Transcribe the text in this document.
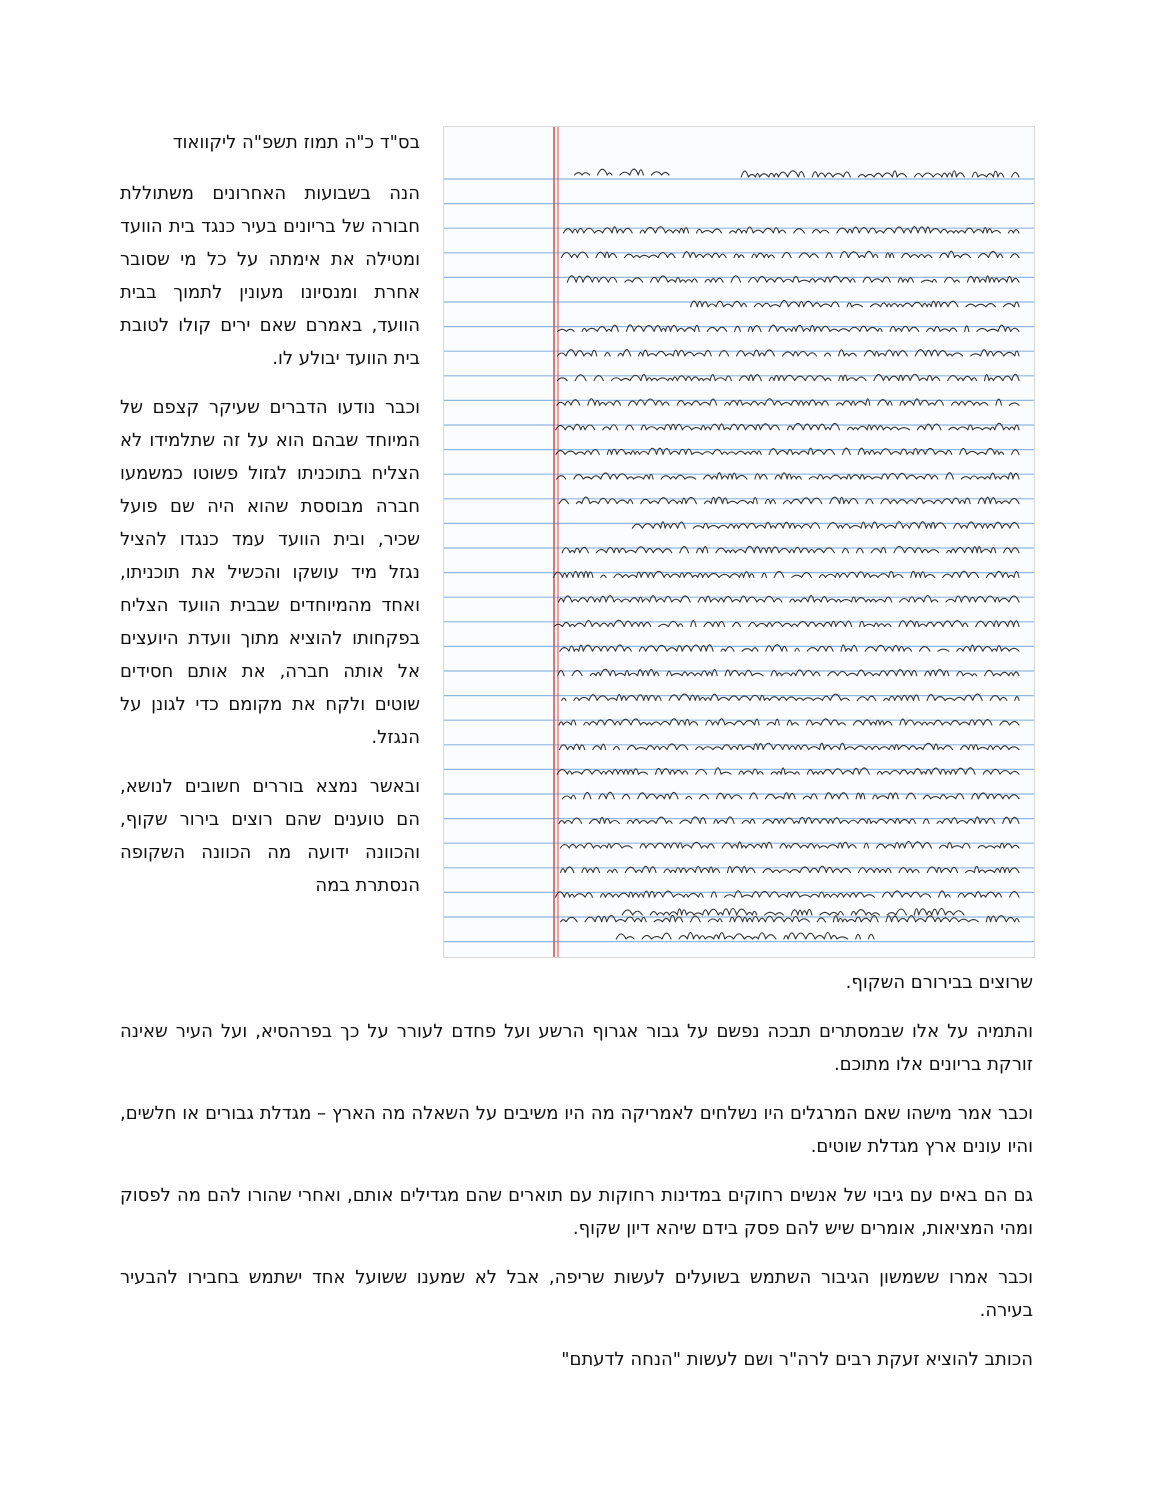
בס"ד כ"ה תמוז תשפ"ה ליקוואוד

הנה בשבועות האחרונים משתוללת חבורה של בריונים בעיר כנגד בית הוועד ומטילה את אימתה על כל מי שסובר אחרת ומנסיונו מעונין לתמוך בבית הוועד, באמרם שאם ירים קולו לטובת בית הוועד יבולע לו.

וכבר נודעו הדברים שעיקר קצפם של המיוחד שבהם הוא על זה שתלמידו לא הצליח בתוכניתו לגזול פשוטו כמשמעו חברה מבוססת שהוא היה שם פועל שכיר, ובית הוועד עמד כנגדו להציל נגזל מיד עושקו והכשיל את תוכניתו, ואחד מהמיוחדים שבבית הוועד הצליח בפקחותו להוציא מתוך וועדת היועצים אל אותה חברה, את אותם חסידים שוטים ולקח את מקומם כדי לגונן על הנגזל.

ובאשר נמצא בוררים חשובים לנושא, הם טוענים שהם רוצים בירור שקוף, והכוונה ידועה מה הכוונה השקופה הנסתרת במה

שרוצים בבירורם השקוף.

והתמיה על אלו שבמסתרים תבכה נפשם על גבור אגרוף הרשע ועל פחדם לעורר על כך בפרהסיא, ועל העיר שאינה זורקת בריונים אלו מתוכם.

וכבר אמר מישהו שאם המרגלים היו נשלחים לאמריקה מה היו משיבים על השאלה מה הארץ – מגדלת גבורים או חלשים, והיו עונים ארץ מגדלת שוטים.

גם הם באים עם גיבוי של אנשים רחוקים במדינות רחוקות עם תוארים שהם מגדילים אותם, ואחרי שהורו להם מה לפסוק ומהי המציאות, אומרים שיש להם פסק בידם שיהא דיון שקוף.

וכבר אמרו ששמשון הגיבור השתמש בשועלים לעשות שריפה, אבל לא שמענו ששועל אחד ישתמש בחבירו להבעיר בעירה.

הכותב להוציא זעקת רבים לרה"ר ושם לעשות "הנחה לדעתם"
